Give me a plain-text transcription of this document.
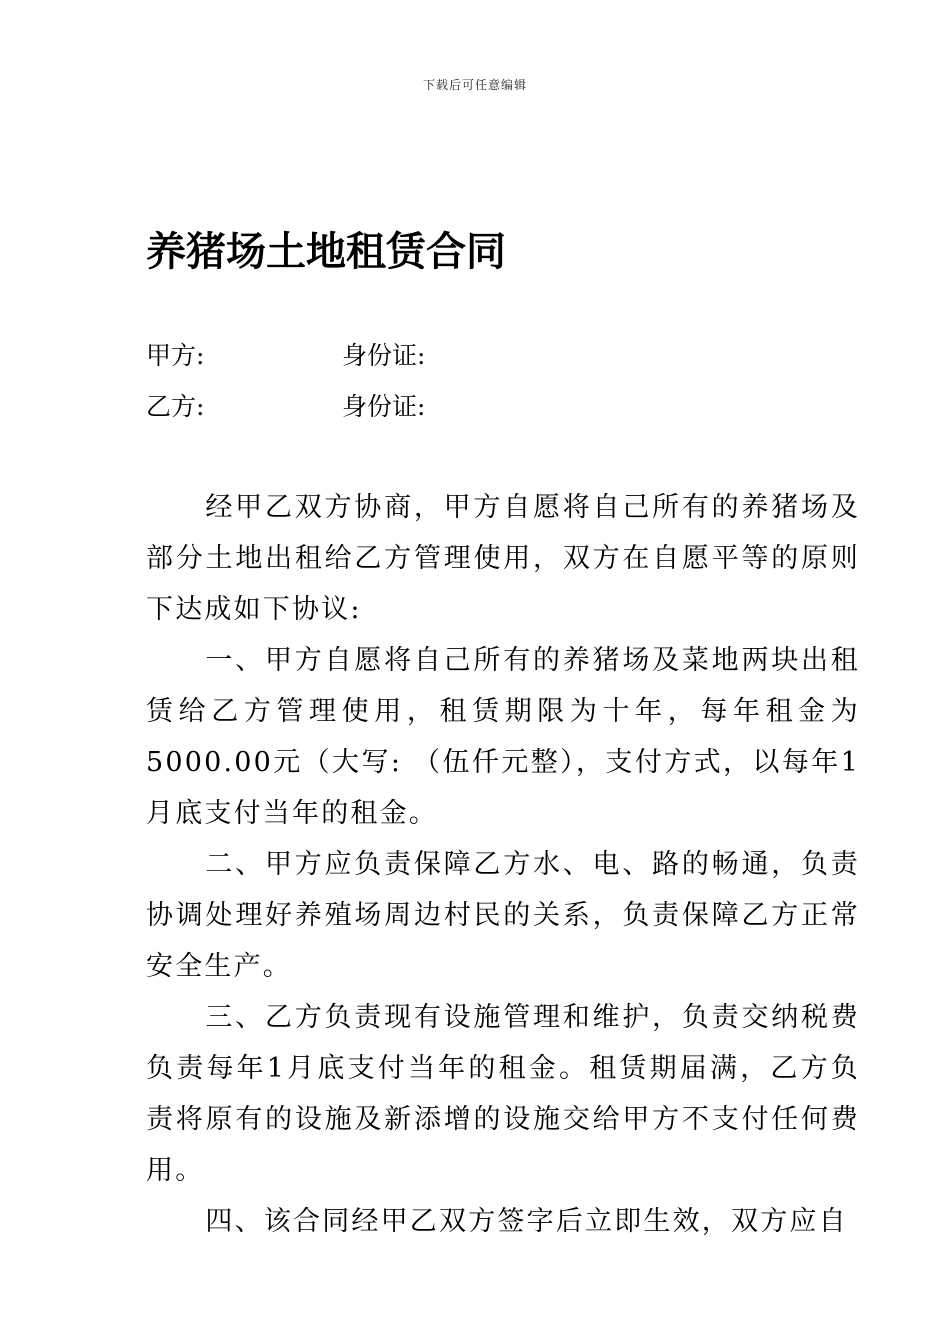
下载后可任意编辑
养猪场土地租赁合同
甲方:	身份证:
乙方:	身份证:

经甲乙双方协商，甲方自愿将自己所有的养猪场及部分土地出租给乙方管理使用，双方在自愿平等的原则下达成如下协议:

一、甲方自愿将自己所有的养猪场及菜地两块出租赁给乙方管理使用，租赁期限为十年，每年租金为5000.00元（大写: （伍仟元整），支付方式，以每年1月底支付当年的租金。

二、甲方应负责保障乙方水、电、路的畅通，负责协调处理好养殖场周边村民的关系，负责保障乙方正常安全生产。

三、乙方负责现有设施管理和维护，负责交纳税费负责每年1月底支付当年的租金。租赁期届满，乙方负责将原有的设施及新添增的设施交给甲方不支付任何费用。

四、该合同经甲乙双方签字后立即生效，双方应自
